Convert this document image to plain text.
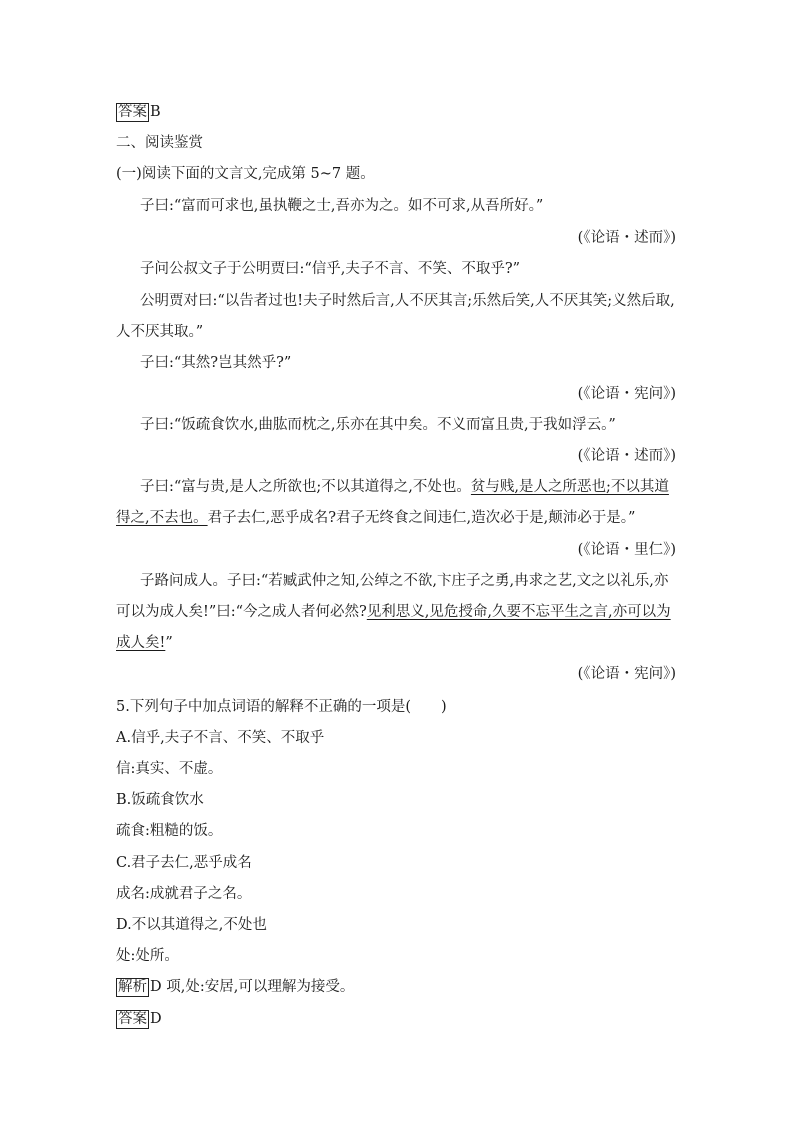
答案 B
二、阅读鉴赏
(一)阅读下面的文言文,完成第 5~7 题。
子曰:“富而可求也,虽执鞭之士,吾亦为之。如不可求,从吾所好。”
(《论语・述而》)
子问公叔文子于公明贾曰:“信乎,夫子不言、不笑、不取乎?”
公明贾对曰:“以告者过也!夫子时然后言,人不厌其言;乐然后笑,人不厌其笑;义然后取,
人不厌其取。”
子曰:“其然?岂其然乎?”
(《论语・宪问》)
子曰:“饭疏食饮水,曲肱而枕之,乐亦在其中矣。不义而富且贵,于我如浮云。”
(《论语・述而》)
子曰:“富与贵,是人之所欲也;不以其道得之,不处也。贫与贱,是人之所恶也;不以其道
得之,不去也。君子去仁,恶乎成名?君子无终食之间违仁,造次必于是,颠沛必于是。”
(《论语・里仁》)
子路问成人。子曰:“若臧武仲之知,公绰之不欲,卞庄子之勇,冉求之艺,文之以礼乐,亦
可以为成人矣!”曰:“今之成人者何必然?见利思义,见危授命,久要不忘平生之言,亦可以为
成人矣!”
(《论语・宪问》)
5.下列句子中加点词语的解释不正确的一项是( )
A.信乎,夫子不言、不笑、不取乎
信:真实、不虚。
B.饭疏食饮水
疏食:粗糙的饭。
C.君子去仁,恶乎成名
成名:成就君子之名。
D.不以其道得之,不处也
处:处所。
解析 D 项,处:安居,可以理解为接受。
答案 D
